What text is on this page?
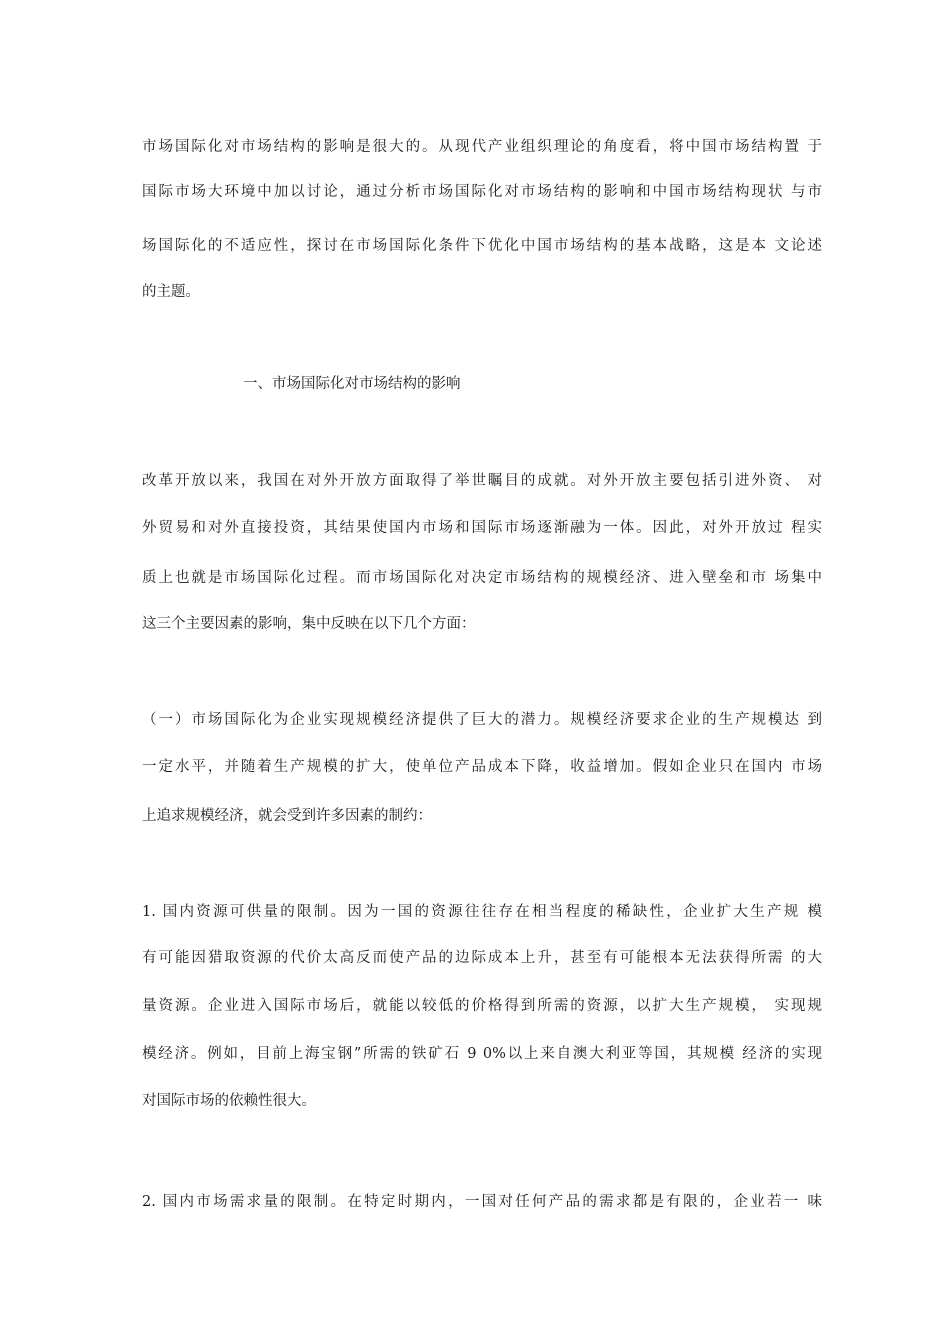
市场国际化对市场结构的影响是很大的。从现代产业组织理论的角度看，将中国市场结构置 于
国际市场大环境中加以讨论，通过分析市场国际化对市场结构的影响和中国市场结构现状 与市
场国际化的不适应性，探讨在市场国际化条件下优化中国市场结构的基本战略，这是本 文论述
的主题。
一、市场国际化对市场结构的影响
改革开放以来，我国在对外开放方面取得了举世瞩目的成就。对外开放主要包括引进外资、 对
外贸易和对外直接投资，其结果使国内市场和国际市场逐渐融为一体。因此，对外开放过 程实
质上也就是市场国际化过程。而市场国际化对决定市场结构的规模经济、进入壁垒和市 场集中
这三个主要因素的影响，集中反映在以下几个方面：
（一）市场国际化为企业实现规模经济提供了巨大的潜力。规模经济要求企业的生产规模达 到
一定水平，并随着生产规模的扩大，使单位产品成本下降，收益增加。假如企业只在国内 市场
上追求规模经济，就会受到许多因素的制约：
1. 国内资源可供量的限制。因为一国的资源往往存在相当程度的稀缺性，企业扩大生产规 模
有可能因猎取资源的代价太高反而使产品的边际成本上升，甚至有可能根本无法获得所需 的大
量资源。企业进入国际市场后，就能以较低的价格得到所需的资源，以扩大生产规模， 实现规
模经济。例如，目前上海宝钢”所需的铁矿石 9 0%以上来自澳大利亚等国，其规模 经济的实现
对国际市场的依赖性很大。
2. 国内市场需求量的限制。在特定时期内，一国对任何产品的需求都是有限的，企业若一 味
